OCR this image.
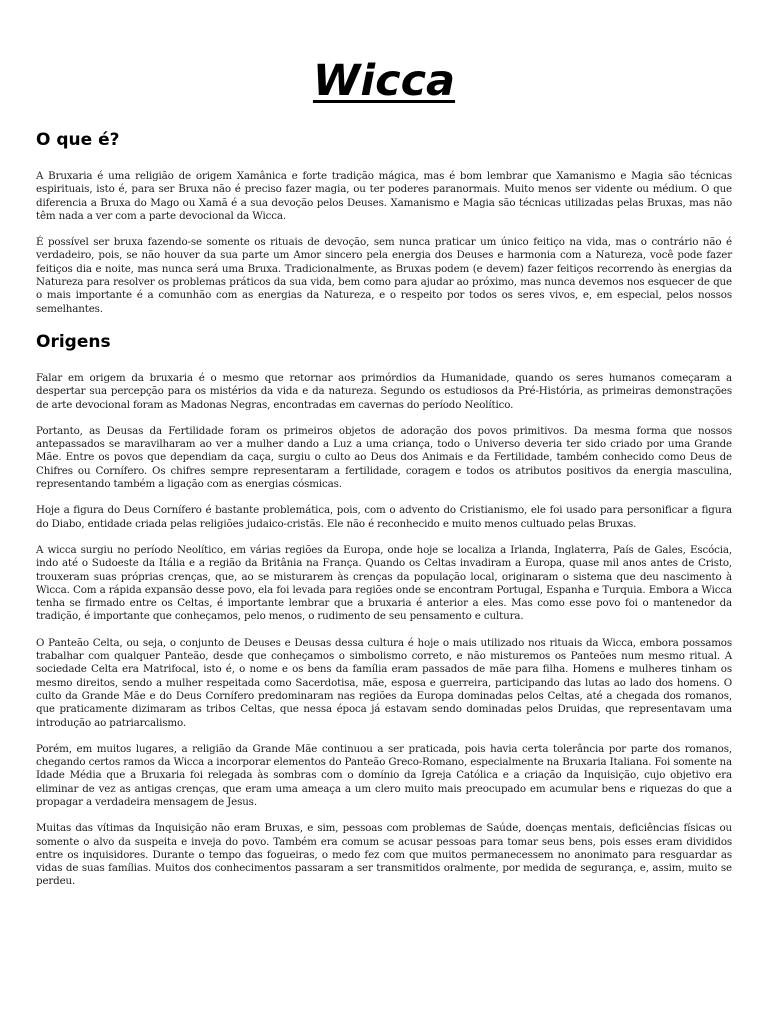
Wicca
O que é?

A Bruxaria é uma religião de origem Xamânica e forte tradição mágica, mas é bom lembrar que Xamanismo e Magia são técnicas espirituais, isto é, para ser Bruxa não é preciso fazer magia, ou ter poderes paranormais. Muito menos ser vidente ou médium. O que diferencia a Bruxa do Mago ou Xamã é a sua devoção pelos Deuses. Xamanismo e Magia são técnicas utilizadas pelas Bruxas, mas não têm nada a ver com a parte devocional da Wicca.

É possível ser bruxa fazendo-se somente os rituais de devoção, sem nunca praticar um único feitiço na vida, mas o contrário não é verdadeiro, pois, se não houver da sua parte um Amor sincero pela energia dos Deuses e harmonia com a Natureza, você pode fazer feitiços dia e noite, mas nunca será uma Bruxa. Tradicionalmente, as Bruxas podem (e devem) fazer feitiços recorrendo às energias da Natureza para resolver os problemas práticos da sua vida, bem como para ajudar ao próximo, mas nunca devemos nos esquecer de que o mais importante é a comunhão com as energias da Natureza, e o respeito por todos os seres vivos, e, em especial, pelos nossos semelhantes.

Origens

Falar em origem da bruxaria é o mesmo que retornar aos primórdios da Humanidade, quando os seres humanos começaram a despertar sua percepção para os mistérios da vida e da natureza. Segundo os estudiosos da Pré-História, as primeiras demonstrações de arte devocional foram as Madonas Negras, encontradas em cavernas do período Neolítico.

Portanto, as Deusas da Fertilidade foram os primeiros objetos de adoração dos povos primitivos. Da mesma forma que nossos antepassados se maravilharam ao ver a mulher dando a Luz a uma criança, todo o Universo deveria ter sido criado por uma Grande Mãe. Entre os povos que dependiam da caça, surgiu o culto ao Deus dos Animais e da Fertilidade, também conhecido como Deus de Chifres ou Cornífero. Os chifres sempre representaram a fertilidade, coragem e todos os atributos positivos da energia masculina, representando também a ligação com as energias cósmicas.

Hoje a figura do Deus Cornífero é bastante problemática, pois, com o advento do Cristianismo, ele foi usado para personificar a figura do Diabo, entidade criada pelas religiões judaico-cristãs. Ele não é reconhecido e muito menos cultuado pelas Bruxas.

A wicca surgiu no período Neolítico, em várias regiões da Europa, onde hoje se localiza a Irlanda, Inglaterra, País de Gales, Escócia, indo até o Sudoeste da Itália e a região da Britânia na França. Quando os Celtas invadiram a Europa, quase mil anos antes de Cristo, trouxeram suas próprias crenças, que, ao se misturarem às crenças da população local, originaram o sistema que deu nascimento à Wicca. Com a rápida expansão desse povo, ela foi levada para regiões onde se encontram Portugal, Espanha e Turquia. Embora a Wicca tenha se firmado entre os Celtas, é importante lembrar que a bruxaria é anterior a eles. Mas como esse povo foi o mantenedor da tradição, é importante que conheçamos, pelo menos, o rudimento de seu pensamento e cultura.

O Panteão Celta, ou seja, o conjunto de Deuses e Deusas dessa cultura é hoje o mais utilizado nos rituais da Wicca, embora possamos trabalhar com qualquer Panteão, desde que conheçamos o simbolismo correto, e não misturemos os Panteões num mesmo ritual. A sociedade Celta era Matrifocal, isto é, o nome e os bens da família eram passados de mãe para filha. Homens e mulheres tinham os mesmo direitos, sendo a mulher respeitada como Sacerdotisa, mãe, esposa e guerreira, participando das lutas ao lado dos homens. O culto da Grande Mãe e do Deus Cornífero predominaram nas regiões da Europa dominadas pelos Celtas, até a chegada dos romanos, que praticamente dizimaram as tribos Celtas, que nessa época já estavam sendo dominadas pelos Druidas, que representavam uma introdução ao patriarcalismo.

Porém, em muitos lugares, a religião da Grande Mãe continuou a ser praticada, pois havia certa tolerância por parte dos romanos, chegando certos ramos da Wicca a incorporar elementos do Panteão Greco-Romano, especialmente na Bruxaria Italiana. Foi somente na Idade Média que a Bruxaria foi relegada às sombras com o domínio da Igreja Católica e a criação da Inquisição, cujo objetivo era eliminar de vez as antigas crenças, que eram uma ameaça a um clero muito mais preocupado em acumular bens e riquezas do que a propagar a verdadeira mensagem de Jesus.

Muitas das vítimas da Inquisição não eram Bruxas, e sim, pessoas com problemas de Saúde, doenças mentais, deficiências físicas ou somente o alvo da suspeita e inveja do povo. Também era comum se acusar pessoas para tomar seus bens, pois esses eram divididos entre os inquisidores. Durante o tempo das fogueiras, o medo fez com que muitos permanecessem no anonimato para resguardar as vidas de suas famílias. Muitos dos conhecimentos passaram a ser transmitidos oralmente, por medida de segurança, e, assim, muito se perdeu.
